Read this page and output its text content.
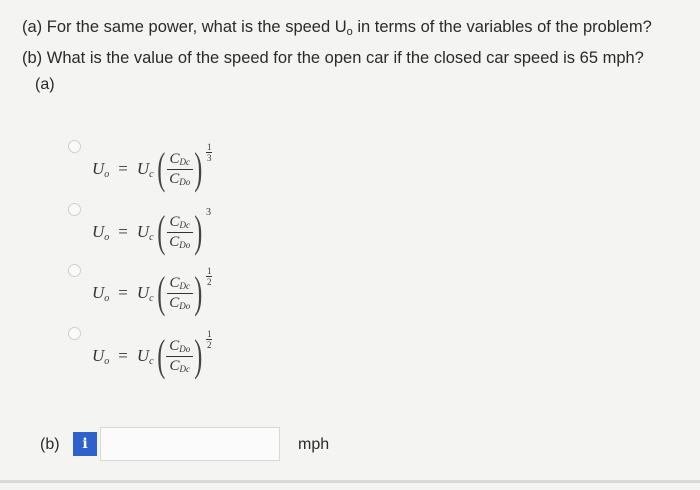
(a) For the same power, what is the speed $U_o$ in terms of the variables of the problem?
(b) What is the value of the speed for the open car if the closed car speed is 65 mph?
(a)
$U_o = U_c$ ( $\frac{C_{Dc}}{C_{Do}}$ ) 1
3
$U_o = U_c$ ( $\frac{C_{Dc}}{C_{Do}}$ ) 3
$U_o = U_c$ ( $\frac{C_{Dc}}{C_{Do}}$ ) 1
2
$U_o = U_c$ ( $\frac{C_{Do}}{C_{Dc}}$ ) 1
2
(b)	i	mph
